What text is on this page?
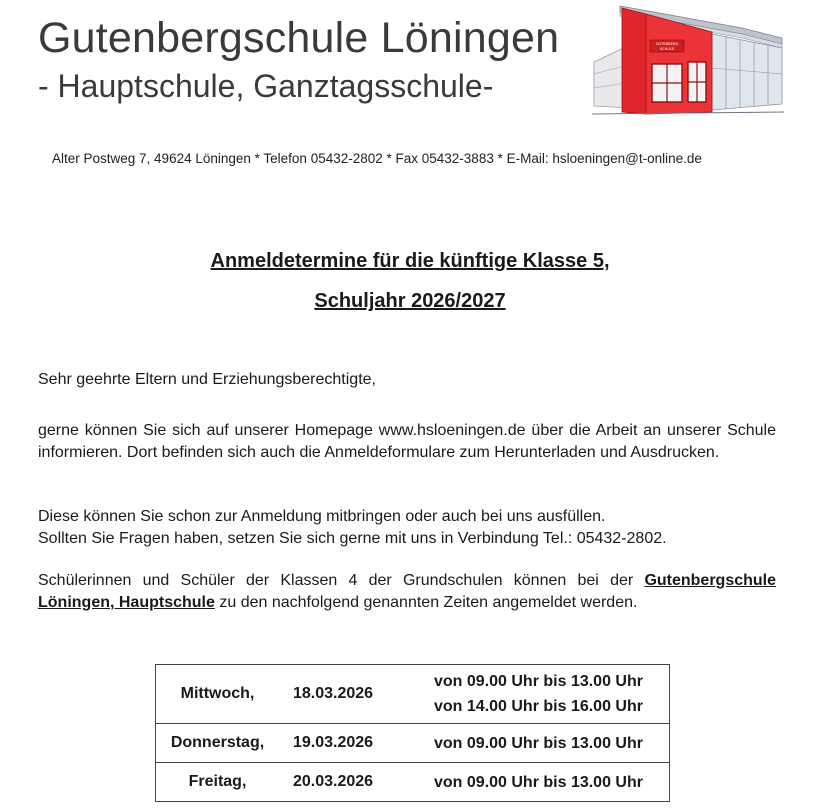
Gutenbergschule Löningen
- Hauptschule, Ganztagsschule-
GUTENBERG
SCHULE
Alter Postweg 7, 49624 Löningen * Telefon 05432-2802 * Fax 05432-3883 * E-Mail: hsloeningen@t-online.de
Anmeldetermine für die künftige Klasse 5,
Schuljahr 2026/2027

Sehr geehrte Eltern und Erziehungsberechtigte,

gerne können Sie sich auf unserer Homepage www.hsloeningen.de über die Arbeit an unserer Schule informieren. Dort befinden sich auch die Anmeldeformulare zum Herunterladen und Ausdrucken.

Diese können Sie schon zur Anmeldung mitbringen oder auch bei uns ausfüllen.
Sollten Sie Fragen haben, setzen Sie sich gerne mit uns in Verbindung Tel.: 05432-2802.

Schülerinnen und Schüler der Klassen 4 der Grundschulen können bei der Gutenbergschule Löningen, Hauptschule zu den nachfolgend genannten Zeiten angemeldet werden.

Mittwoch,	18.03.2026	von 09.00 Uhr bis 13.00 Uhr
von 14.00 Uhr bis 16.00 Uhr
Donnerstag,	19.03.2026	von 09.00 Uhr bis 13.00 Uhr
Freitag,	20.03.2026	von 09.00 Uhr bis 13.00 Uhr
